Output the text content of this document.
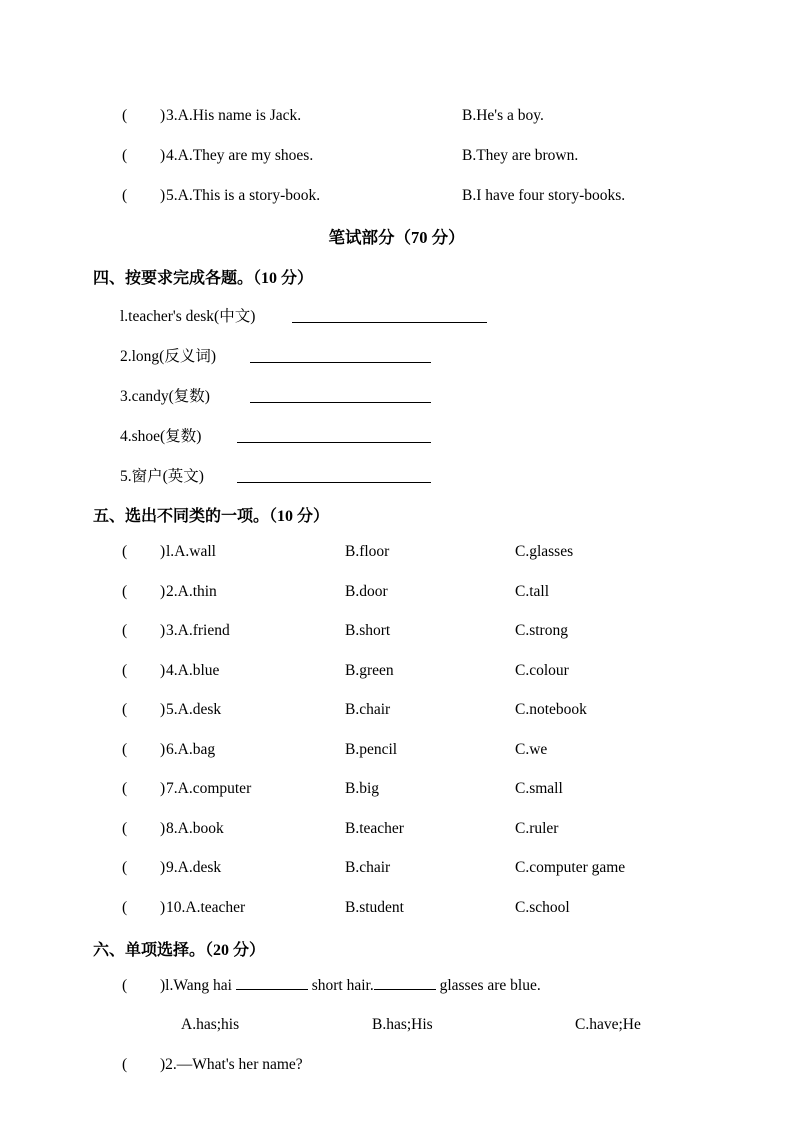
( ) 3.A.His name is Jack.	B.He's a boy.
( ) 4.A.They are my shoes.	B.They are brown.
( ) 5.A.This is a story-book.	B.I have four story-books.
笔试部分（70 分）
四、按要求完成各题。（10 分）
l.teacher's desk(中文)
2.long(反义词)
3.candy(复数)
4.shoe(复数)
5.窗户(英文)
五、选出不同类的一项。（10 分）
( ) l.A.wall	B.floor	C.glasses
( ) 2.A.thin	B.door	C.tall
( ) 3.A.friend	B.short	C.strong
( ) 4.A.blue	B.green	C.colour
( ) 5.A.desk	B.chair	C.notebook
( ) 6.A.bag	B.pencil	C.we
( ) 7.A.computer	B.big	C.small
( ) 8.A.book	B.teacher	C.ruler
( ) 9.A.desk	B.chair	C.computer game
( ) 10.A.teacher	B.student	C.school
六、单项选择。（20 分）
( )l.Wang hai	short hair.	glasses are blue.
A.has;his	B.has;His	C.have;He
( )2.—What's her name?
